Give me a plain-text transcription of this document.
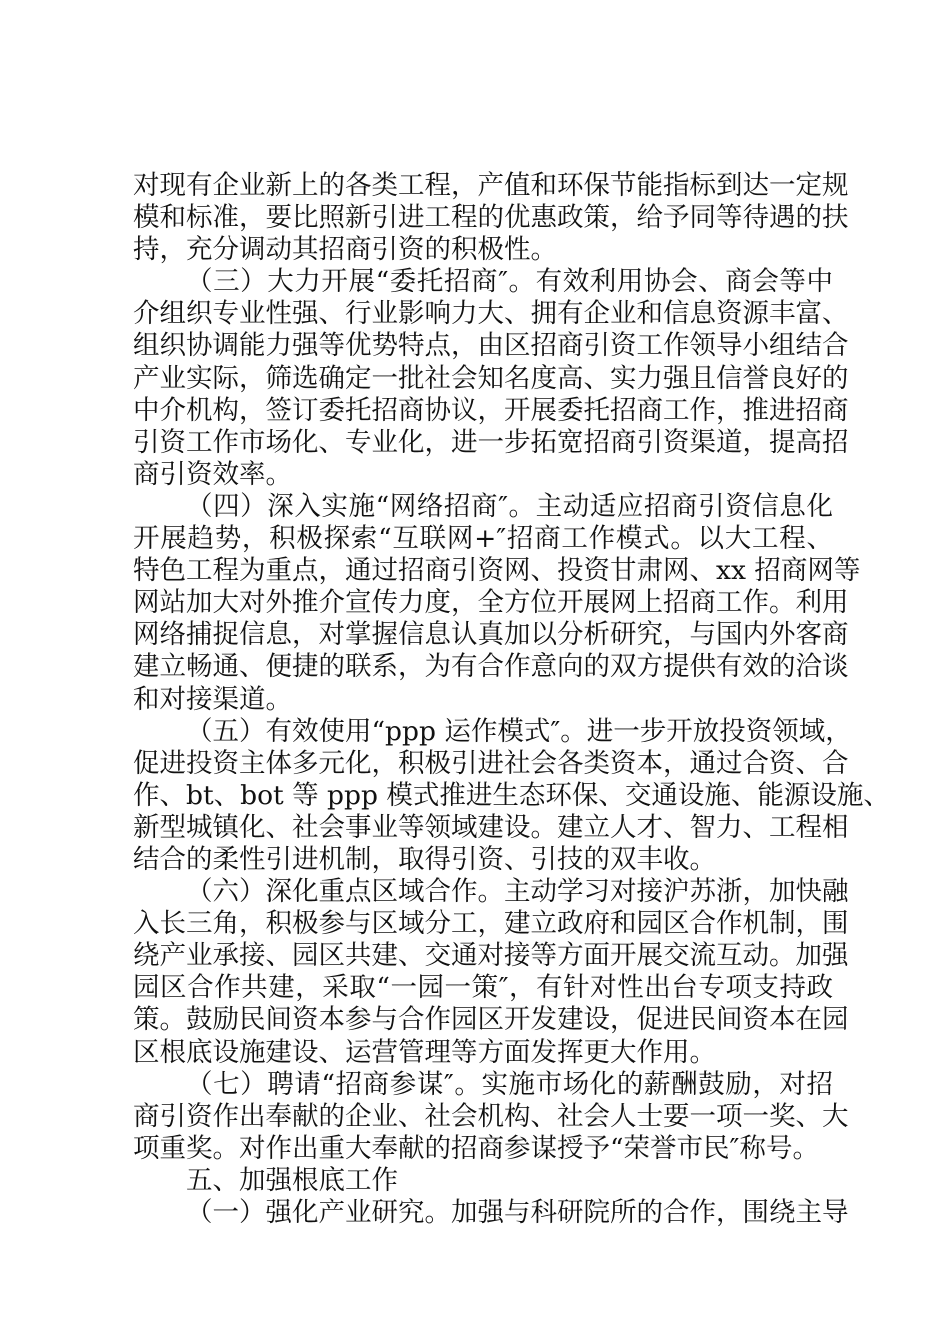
对现有企业新上的各类工程，产值和环保节能指标到达一定规
模和标准，要比照新引进工程的优惠政策，给予同等待遇的扶
持，充分调动其招商引资的积极性。
（三）大力开展“委托招商″。有效利用协会、商会等中
介组织专业性强、行业影响力大、拥有企业和信息资源丰富、
组织协调能力强等优势特点，由区招商引资工作领导小组结合
产业实际，筛选确定一批社会知名度高、实力强且信誉良好的
中介机构，签订委托招商协议，开展委托招商工作，推进招商
引资工作市场化、专业化，进一步拓宽招商引资渠道，提高招
商引资效率。
（四）深入实施“网络招商″。主动适应招商引资信息化
开展趋势，积极探索“互联网+″招商工作模式。以大工程、
特色工程为重点，通过招商引资网、投资甘肃网、xx 招商网等
网站加大对外推介宣传力度，全方位开展网上招商工作。利用
网络捕捉信息，对掌握信息认真加以分析研究，与国内外客商
建立畅通、便捷的联系，为有合作意向的双方提供有效的洽谈
和对接渠道。
（五）有效使用“ppp 运作模式″。进一步开放投资领域，
促进投资主体多元化，积极引进社会各类资本，通过合资、合
作、bt、bot 等 ppp 模式推进生态环保、交通设施、能源设施、
新型城镇化、社会事业等领域建设。建立人才、智力、工程相
结合的柔性引进机制，取得引资、引技的双丰收。
（六）深化重点区域合作。主动学习对接沪苏浙，加快融
入长三角，积极参与区域分工，建立政府和园区合作机制，围
绕产业承接、园区共建、交通对接等方面开展交流互动。加强
园区合作共建，采取“一园一策″，有针对性出台专项支持政
策。鼓励民间资本参与合作园区开发建设，促进民间资本在园
区根底设施建设、运营管理等方面发挥更大作用。
（七）聘请“招商参谋″。实施市场化的薪酬鼓励，对招
商引资作出奉献的企业、社会机构、社会人士要一项一奖、大
项重奖。对作出重大奉献的招商参谋授予“荣誉市民″称号。
五、加强根底工作
（一）强化产业研究。加强与科研院所的合作，围绕主导
